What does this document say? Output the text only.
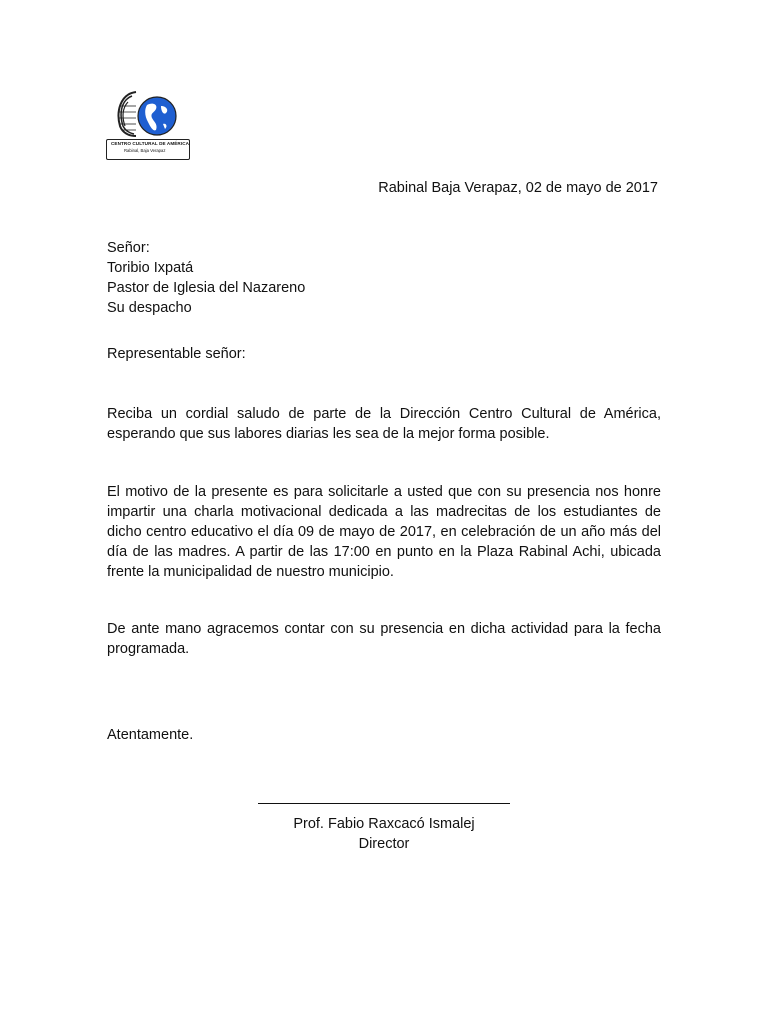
CENTRO CULTURAL DE AMÉRICA
Rabinal, Baja Verapaz
Rabinal Baja Verapaz, 02 de mayo de 2017
Señor:
Toribio Ixpatá
Pastor de Iglesia del Nazareno
Su despacho
Representable señor:
Reciba un cordial saludo de parte de la Dirección Centro Cultural de América, esperando que sus labores diarias les sea de la mejor forma posible.
El motivo de la presente es para solicitarle a usted que con su presencia nos honre impartir una charla motivacional dedicada a las madrecitas de los estudiantes de dicho centro educativo el día 09 de mayo de 2017, en celebración de un año más del día de las madres. A partir de las 17:00 en punto en la Plaza Rabinal Achi, ubicada frente la municipalidad de nuestro municipio.
De ante mano agracemos contar con su presencia en dicha actividad para la fecha programada.
Atentamente.
Prof. Fabio Raxcacó Ismalej
Director
